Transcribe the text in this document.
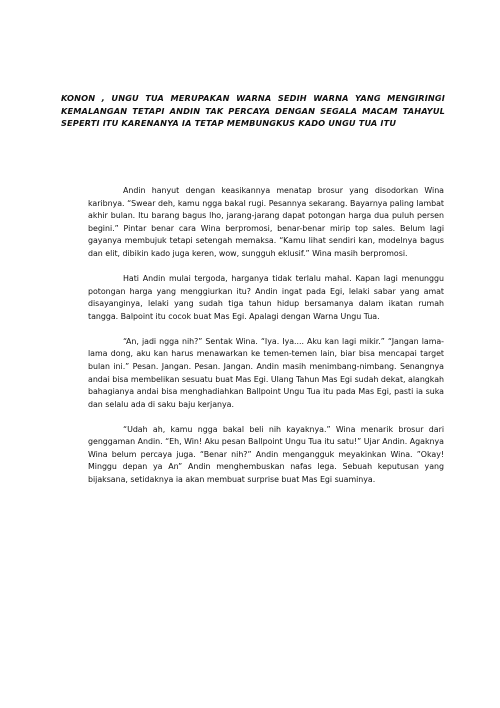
KONON , UNGU TUA MERUPAKAN WARNA SEDIH WARNA YANG MENGIRINGI KEMALANGAN TETAPI ANDIN TAK PERCAYA DENGAN SEGALA MACAM TAHAYUL SEPERTI ITU KARENANYA IA TETAP MEMBUNGKUS KADO UNGU TUA ITU

Andin hanyut dengan keasikannya menatap brosur yang disodorkan Wina karibnya. “Swear deh, kamu ngga bakal rugi. Pesannya sekarang. Bayarnya paling lambat akhir bulan. Itu barang bagus lho, jarang-jarang dapat potongan harga dua puluh persen begini.” Pintar benar cara Wina berpromosi, benar-benar mirip top sales. Belum lagi gayanya membujuk tetapi setengah memaksa. “Kamu lihat sendiri kan, modelnya bagus dan elit, dibikin kado juga keren, wow, sungguh eklusif.” Wina masih berpromosi.

Hati Andin mulai tergoda, harganya tidak terlalu mahal. Kapan lagi menunggu potongan harga yang menggiurkan itu? Andin ingat pada Egi, lelaki sabar yang amat disayanginya, lelaki yang sudah tiga tahun hidup bersamanya dalam ikatan rumah tangga. Balpoint itu cocok buat Mas Egi. Apalagi dengan Warna Ungu Tua.

“An, jadi ngga nih?” Sentak Wina. “Iya. Iya.... Aku kan lagi mikir.” “Jangan lama-lama dong, aku kan harus menawarkan ke temen-temen lain, biar bisa mencapai target bulan ini.” Pesan. Jangan. Pesan. Jangan. Andin masih menimbang-nimbang. Senangnya andai bisa membelikan sesuatu buat Mas Egi. Ulang Tahun Mas Egi sudah dekat, alangkah bahagianya andai bisa menghadiahkan Ballpoint Ungu Tua itu pada Mas Egi, pasti ia suka dan selalu ada di saku baju kerjanya.

“Udah ah, kamu ngga bakal beli nih kayaknya.” Wina menarik brosur dari genggaman Andin. “Eh, Win! Aku pesan Ballpoint Ungu Tua itu satu!” Ujar Andin. Agaknya Wina belum percaya juga. “Benar nih?” Andin mengangguk meyakinkan Wina. ”Okay! Minggu depan ya An” Andin menghembuskan nafas lega. Sebuah keputusan yang bijaksana, setidaknya ia akan membuat surprise buat Mas Egi suaminya.
